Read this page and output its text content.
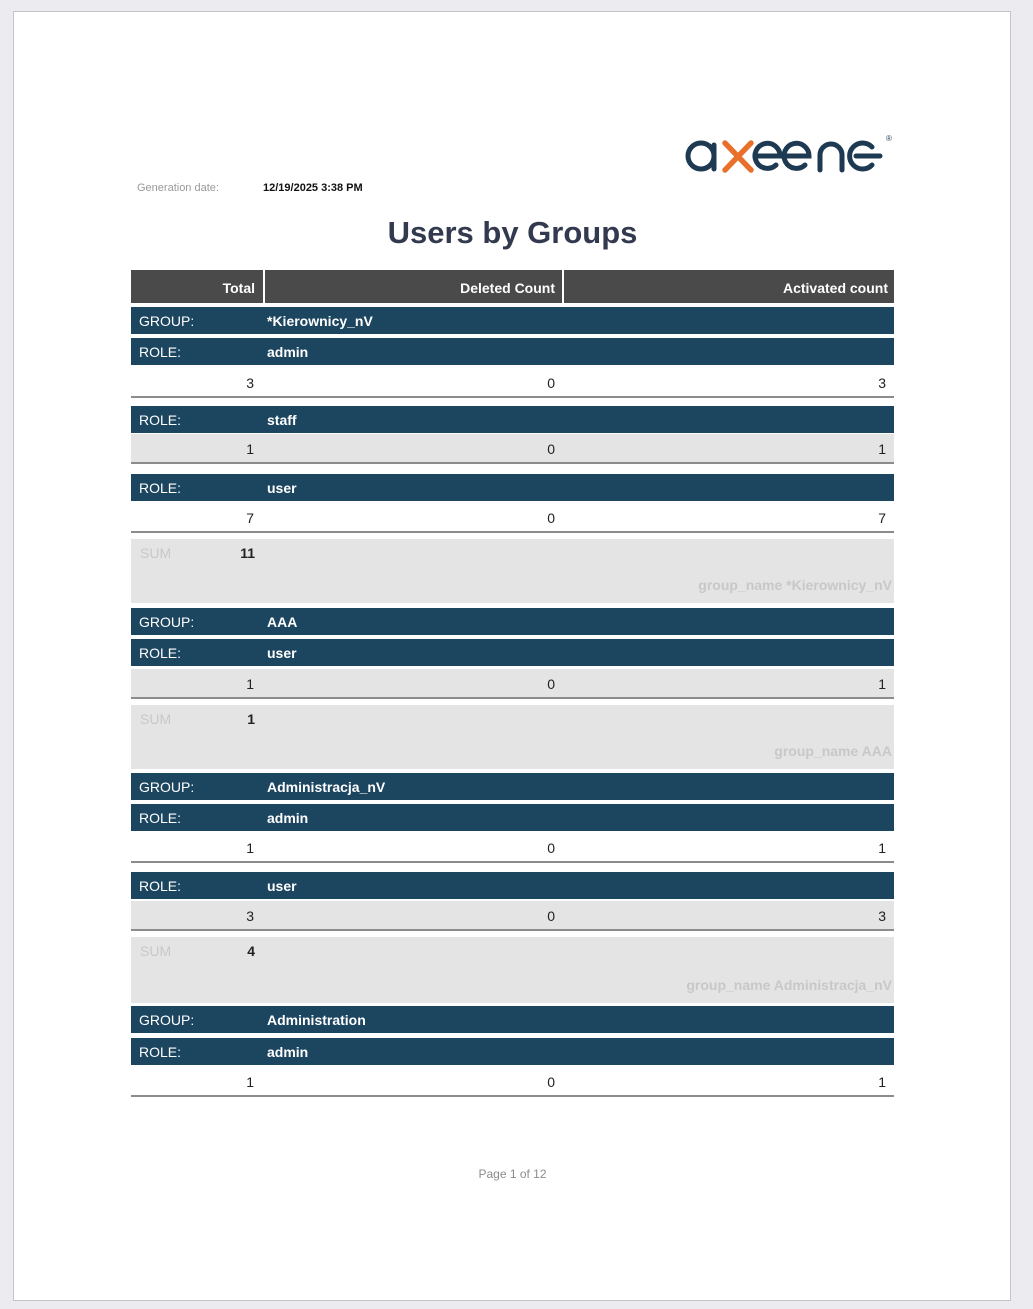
®
Generation date:	12/19/2025 3:38 PM
Users by Groups
Total	Deleted Count	Activated count
GROUP:	*Kierownicy_nV
ROLE:	admin
3	0	3
ROLE:	staff
1	0	1
ROLE:	user
7	0	7
SUM	11
group_name *Kierownicy_nV
GROUP:	AAA
ROLE:	user
1	0	1
SUM	1
group_name AAA
GROUP:	Administracja_nV
ROLE:	admin
1	0	1
ROLE:	user
3	0	3
SUM	4
group_name Administracja_nV
GROUP:	Administration
ROLE:	admin
1	0	1
Page 1 of 12
